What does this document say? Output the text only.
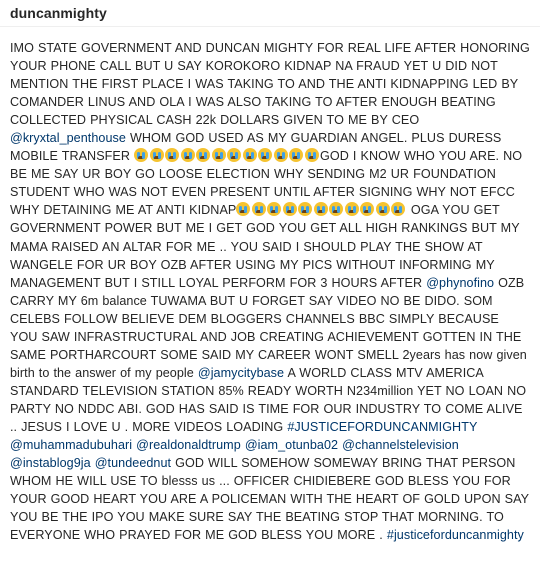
duncanmighty
IMO STATE GOVERNMENT AND DUNCAN MIGHTY FOR REAL LIFE AFTER HONORING YOUR PHONE CALL BUT U SAY KOROKORO KIDNAP NA FRAUD YET U DID NOT MENTION THE FIRST PLACE I WAS TAKING TO AND THE ANTI KIDNAPPING LED BY COMANDER LINUS AND OLA I WAS ALSO TAKING TO AFTER ENOUGH BEATING COLLECTED PHYSICAL CASH 22k DOLLARS GIVEN TO ME BY CEO @kryxtal_penthouse WHOM GOD USED AS MY GUARDIAN ANGEL. PLUS DURESS MOBILE TRANSFER	GOD I KNOW WHO YOU ARE. NO BE ME SAY UR BOY GO LOOSE ELECTION WHY SENDING M2 UR FOUNDATION STUDENT WHO WAS NOT EVEN PRESENT UNTIL AFTER SIGNING WHY NOT EFCC WHY DETAINING ME AT ANTI KIDNAP	OGA YOU GET GOVERNMENT POWER BUT ME I GET GOD YOU GET ALL HIGH RANKINGS BUT MY MAMA RAISED AN ALTAR FOR ME .. YOU SAID I SHOULD PLAY THE SHOW AT WANGELE FOR UR BOY OZB AFTER USING MY PICS WITHOUT INFORMING MY MANAGEMENT BUT I STILL LOYAL PERFORM FOR 3 HOURS AFTER @phynofino OZB CARRY MY 6m balance TUWAMA BUT U FORGET SAY VIDEO NO BE DIDO. SOM CELEBS FOLLOW BELIEVE DEM BLOGGERS CHANNELS BBC SIMPLY BECAUSE YOU SAW INFRASTRUCTURAL AND JOB CREATING ACHIEVEMENT GOTTEN IN THE SAME PORTHARCOURT SOME SAID MY CAREER WONT SMELL 2years has now given birth to the answer of my people @jamycitybase A WORLD CLASS MTV AMERICA STANDARD TELEVISION STATION 85% READY WORTH N234million YET NO LOAN NO PARTY NO NDDC ABI. GOD HAS SAID IS TIME FOR OUR INDUSTRY TO COME ALIVE .. JESUS I LOVE U . MORE VIDEOS LOADING #JUSTICEFORDUNCANMIGHTY @muhammadubuhari @realdonaldtrump @iam_otunba02 @channelstelevision @instablog9ja @tundeednut GOD WILL SOMEHOW SOMEWAY BRING THAT PERSON WHOM HE WILL USE TO blesss us ... OFFICER CHIDIEBERE GOD BLESS YOU FOR YOUR GOOD HEART YOU ARE A POLICEMAN WITH THE HEART OF GOLD UPON SAY YOU BE THE IPO YOU MAKE SURE SAY THE BEATING STOP THAT MORNING. TO EVERYONE WHO PRAYED FOR ME GOD BLESS YOU MORE . #justiceforduncanmighty
